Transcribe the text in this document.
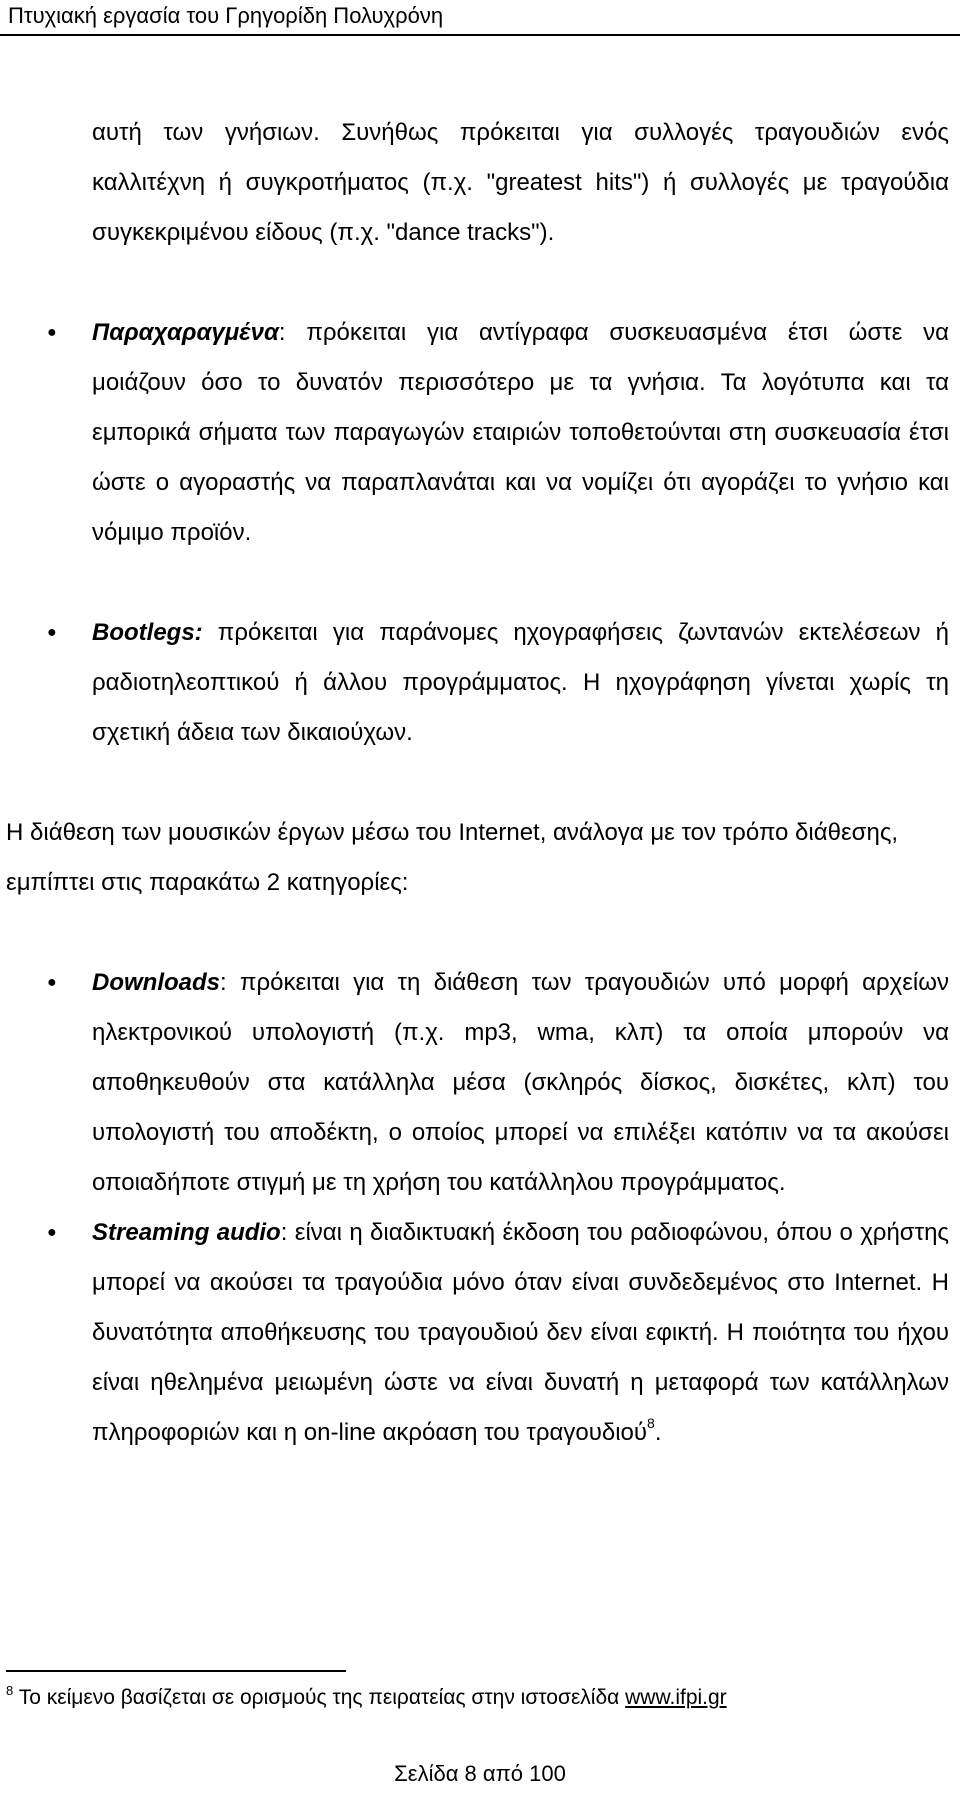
Πτυχιακή εργασία του Γρηγορίδη Πολυχρόνη
αυτή των γνήσιων. Συνήθως πρόκειται για συλλογές τραγουδιών ενός καλλιτέχνη ή συγκροτήματος (π.χ. "greatest hits") ή συλλογές με τραγούδια συγκεκριμένου είδους (π.χ. "dance tracks").
● Παραχαραγμένα: πρόκειται για αντίγραφα συσκευασμένα έτσι ώστε να μοιάζουν όσο το δυνατόν περισσότερο με τα γνήσια. Τα λογότυπα και τα εμπορικά σήματα των παραγωγών εταιριών τοποθετούνται στη συσκευασία έτσι ώστε ο αγοραστής να παραπλανάται και να νομίζει ότι αγοράζει το γνήσιο και νόμιμο προϊόν.
● Bootlegs: πρόκειται για παράνομες ηχογραφήσεις ζωντανών εκτελέσεων ή ραδιοτηλεοπτικού ή άλλου προγράμματος. Η ηχογράφηση γίνεται χωρίς τη σχετική άδεια των δικαιούχων.
Η διάθεση των μουσικών έργων μέσω του Internet, ανάλογα με τον τρόπο διάθεσης, εμπίπτει στις παρακάτω 2 κατηγορίες:
● Downloads: πρόκειται για τη διάθεση των τραγουδιών υπό μορφή αρχείων ηλεκτρονικού υπολογιστή (π.χ. mp3, wma, κλπ) τα οποία μπορούν να αποθηκευθούν στα κατάλληλα μέσα (σκληρός δίσκος, δισκέτες, κλπ) του υπολογιστή του αποδέκτη, ο οποίος μπορεί να επιλέξει κατόπιν να τα ακούσει οποιαδήποτε στιγμή με τη χρήση του κατάλληλου προγράμματος.
● Streaming audio: είναι η διαδικτυακή έκδοση του ραδιοφώνου, όπου ο χρήστης μπορεί να ακούσει τα τραγούδια μόνο όταν είναι συνδεδεμένος στο Internet. Η δυνατότητα αποθήκευσης του τραγουδιού δεν είναι εφικτή. Η ποιότητα του ήχου είναι ηθελημένα μειωμένη ώστε να είναι δυνατή η μεταφορά των κατάλληλων πληροφοριών και η on-line ακρόαση του τραγουδιού$^8$.
$^8$ Το κείμενο βασίζεται σε ορισμούς της πειρατείας στην ιστοσελίδα www.ifpi.gr
Σελίδα 8 από 100
